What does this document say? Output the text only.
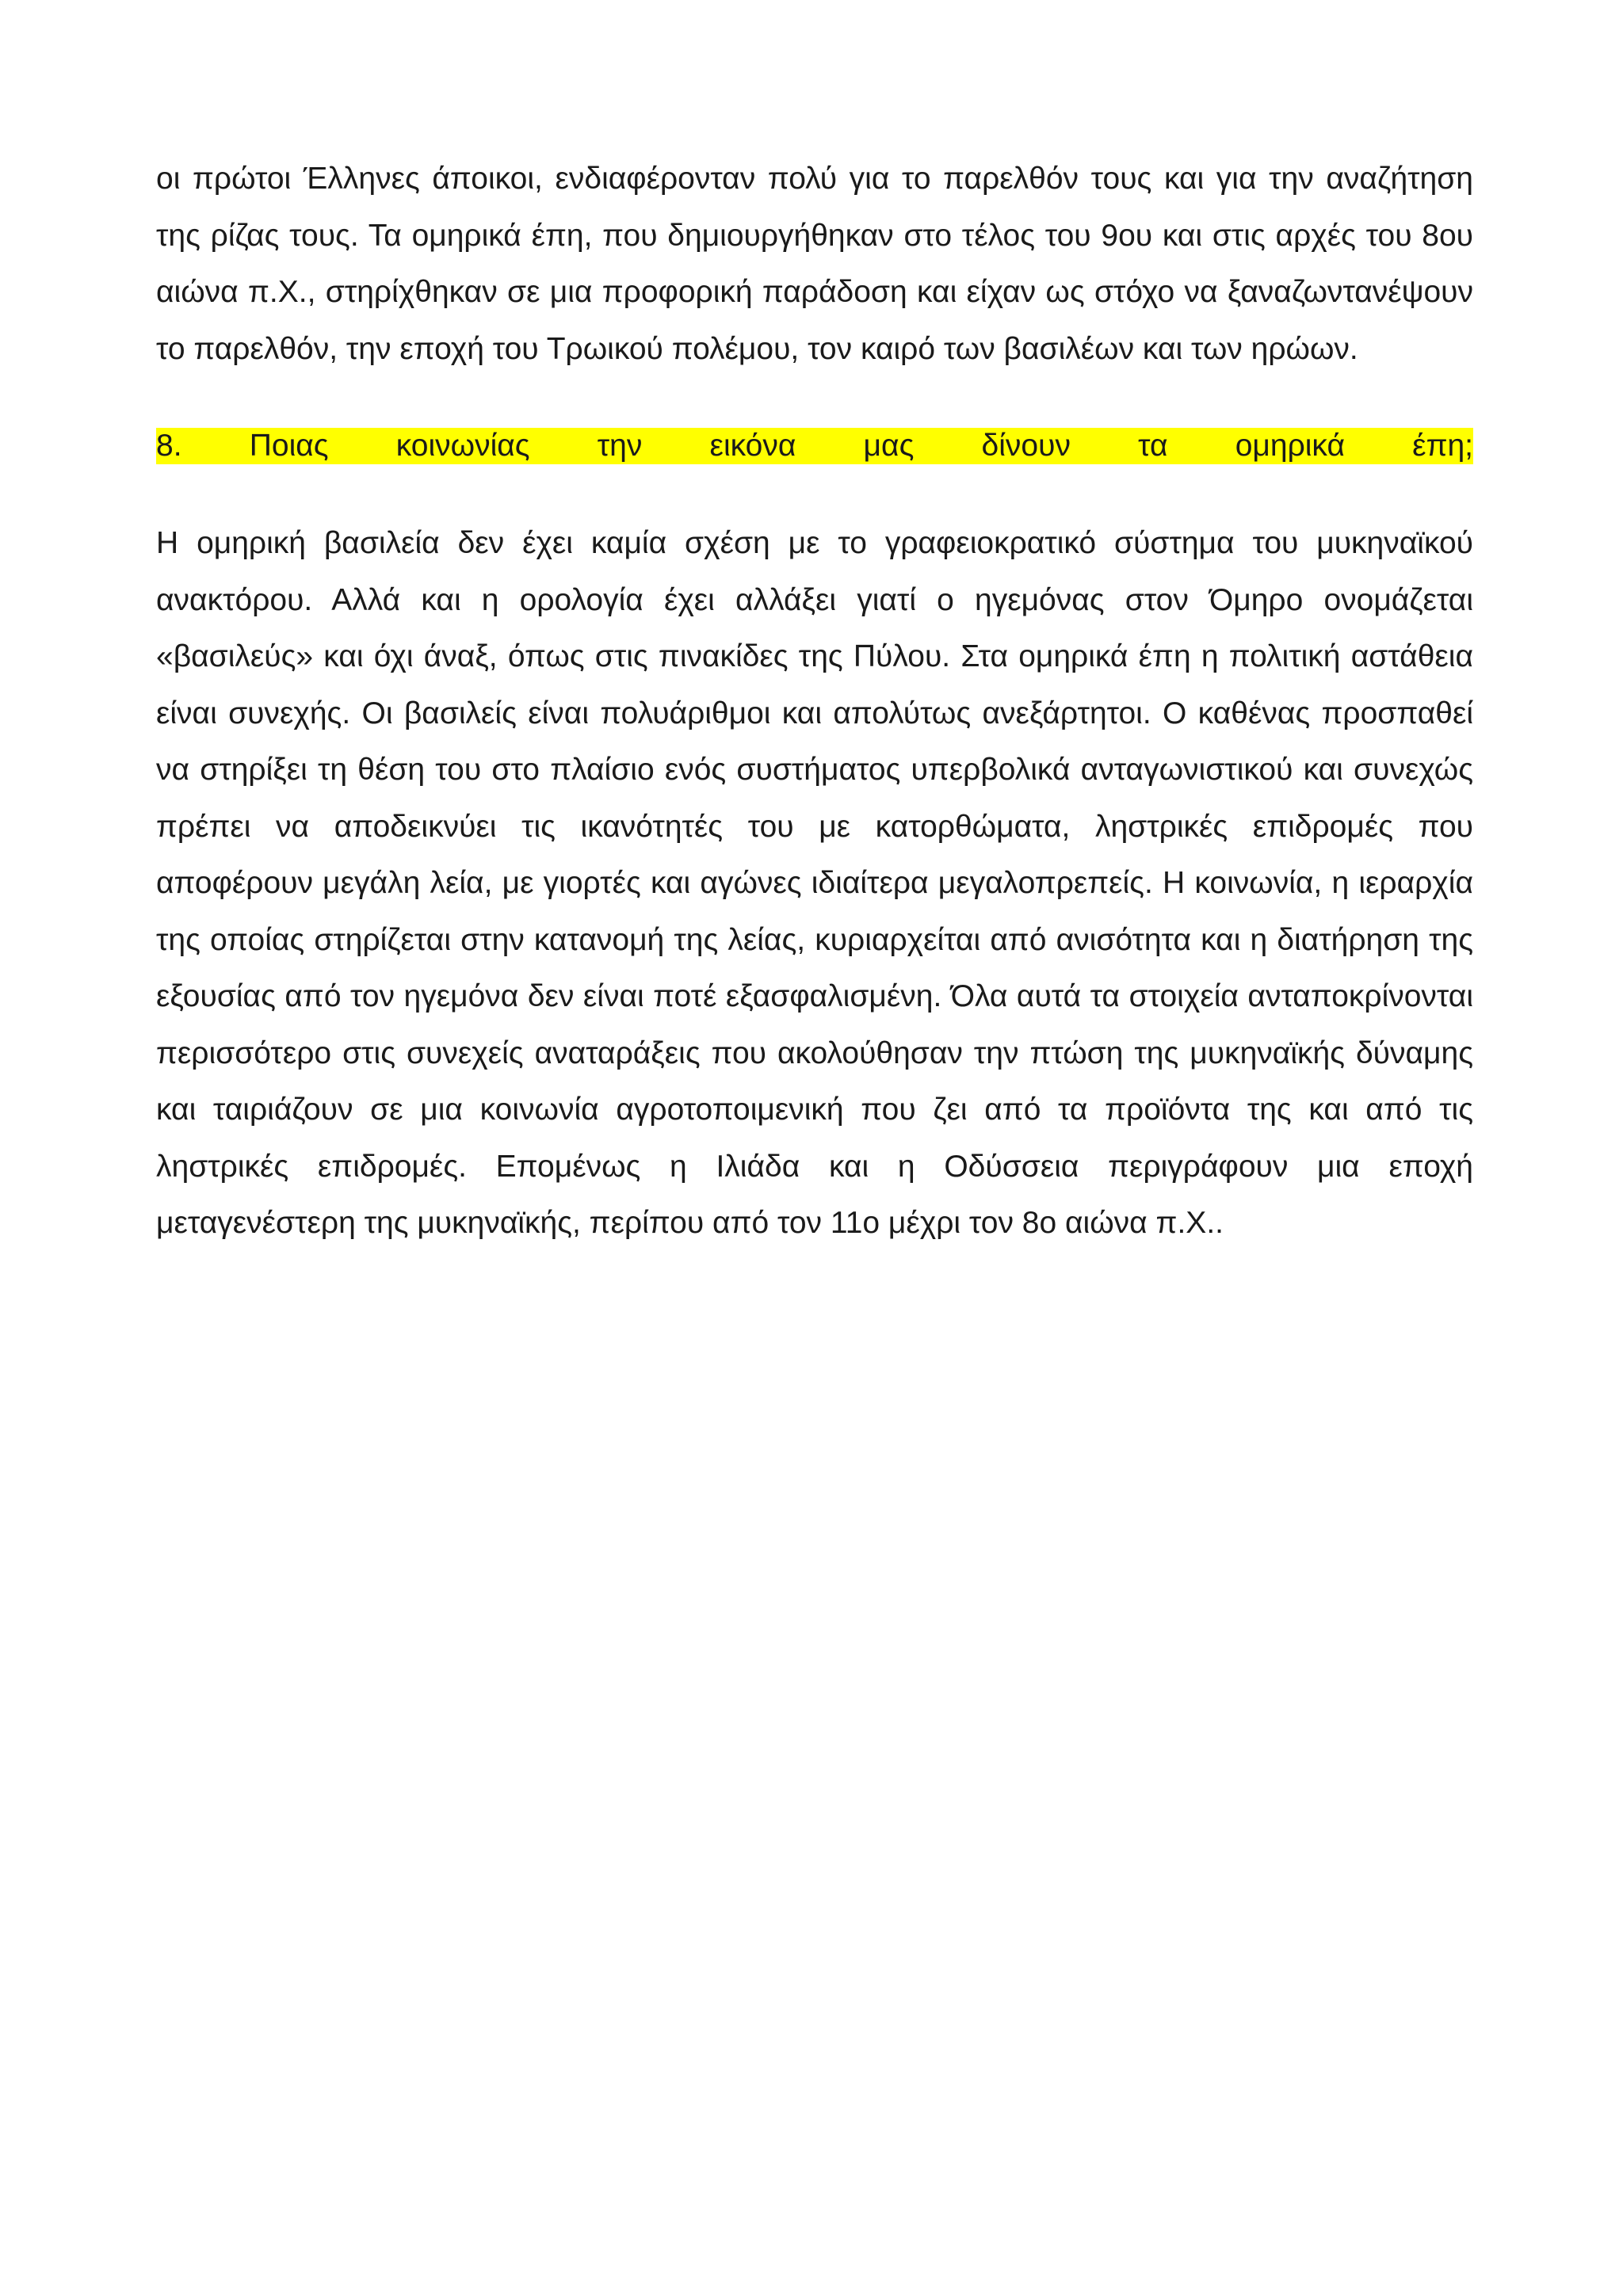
οι πρώτοι Έλληνες άποικοι, ενδιαφέρονταν πολύ για το παρελθόν τους και για την αναζήτηση της ρίζας τους. Τα ομηρικά έπη, που δημιουργήθηκαν στο τέλος του 9ου και στις αρχές του 8ου αιώνα π.Χ., στηρίχθηκαν σε μια προφορική παράδοση και είχαν ως στόχο να ξαναζωντανέψουν το παρελθόν, την εποχή του Τρωικού πολέμου, τον καιρό των βασιλέων και των ηρώων.

8. Ποιας κοινωνίας την εικόνα μας δίνουν τα ομηρικά έπη;

Η ομηρική βασιλεία δεν έχει καμία σχέση με το γραφειοκρατικό σύστημα του μυκηναϊκού ανακτόρου. Αλλά και η ορολογία έχει αλλάξει γιατί ο ηγεμόνας στον Όμηρο ονομάζεται «βασιλεύς» και όχι άναξ, όπως στις πινακίδες της Πύλου. Στα ομηρικά έπη η πολιτική αστάθεια είναι συνεχής. Οι βασιλείς είναι πολυάριθμοι και απολύτως ανεξάρτητοι. Ο καθένας προσπαθεί να στηρίξει τη θέση του στο πλαίσιο ενός συστήματος υπερβολικά ανταγωνιστικού και συνεχώς πρέπει να αποδεικνύει τις ικανότητές του με κατορθώματα, ληστρικές επιδρομές που αποφέρουν μεγάλη λεία, με γιορτές και αγώνες ιδιαίτερα μεγαλοπρεπείς. Η κοινωνία, η ιεραρχία της οποίας στηρίζεται στην κατανομή της λείας, κυριαρχείται από ανισότητα και η διατήρηση της εξουσίας από τον ηγεμόνα δεν είναι ποτέ εξασφαλισμένη. Όλα αυτά τα στοιχεία ανταποκρίνονται περισσότερο στις συνεχείς αναταράξεις που ακολούθησαν την πτώση της μυκηναϊκής δύναμης και ταιριάζουν σε μια κοινωνία αγροτοποιμενική που ζει από τα προϊόντα της και από τις ληστρικές επιδρομές. Επομένως η Ιλιάδα και η Οδύσσεια περιγράφουν μια εποχή μεταγενέστερη της μυκηναϊκής, περίπου από τον 11ο μέχρι τον 8ο αιώνα π.Χ..
